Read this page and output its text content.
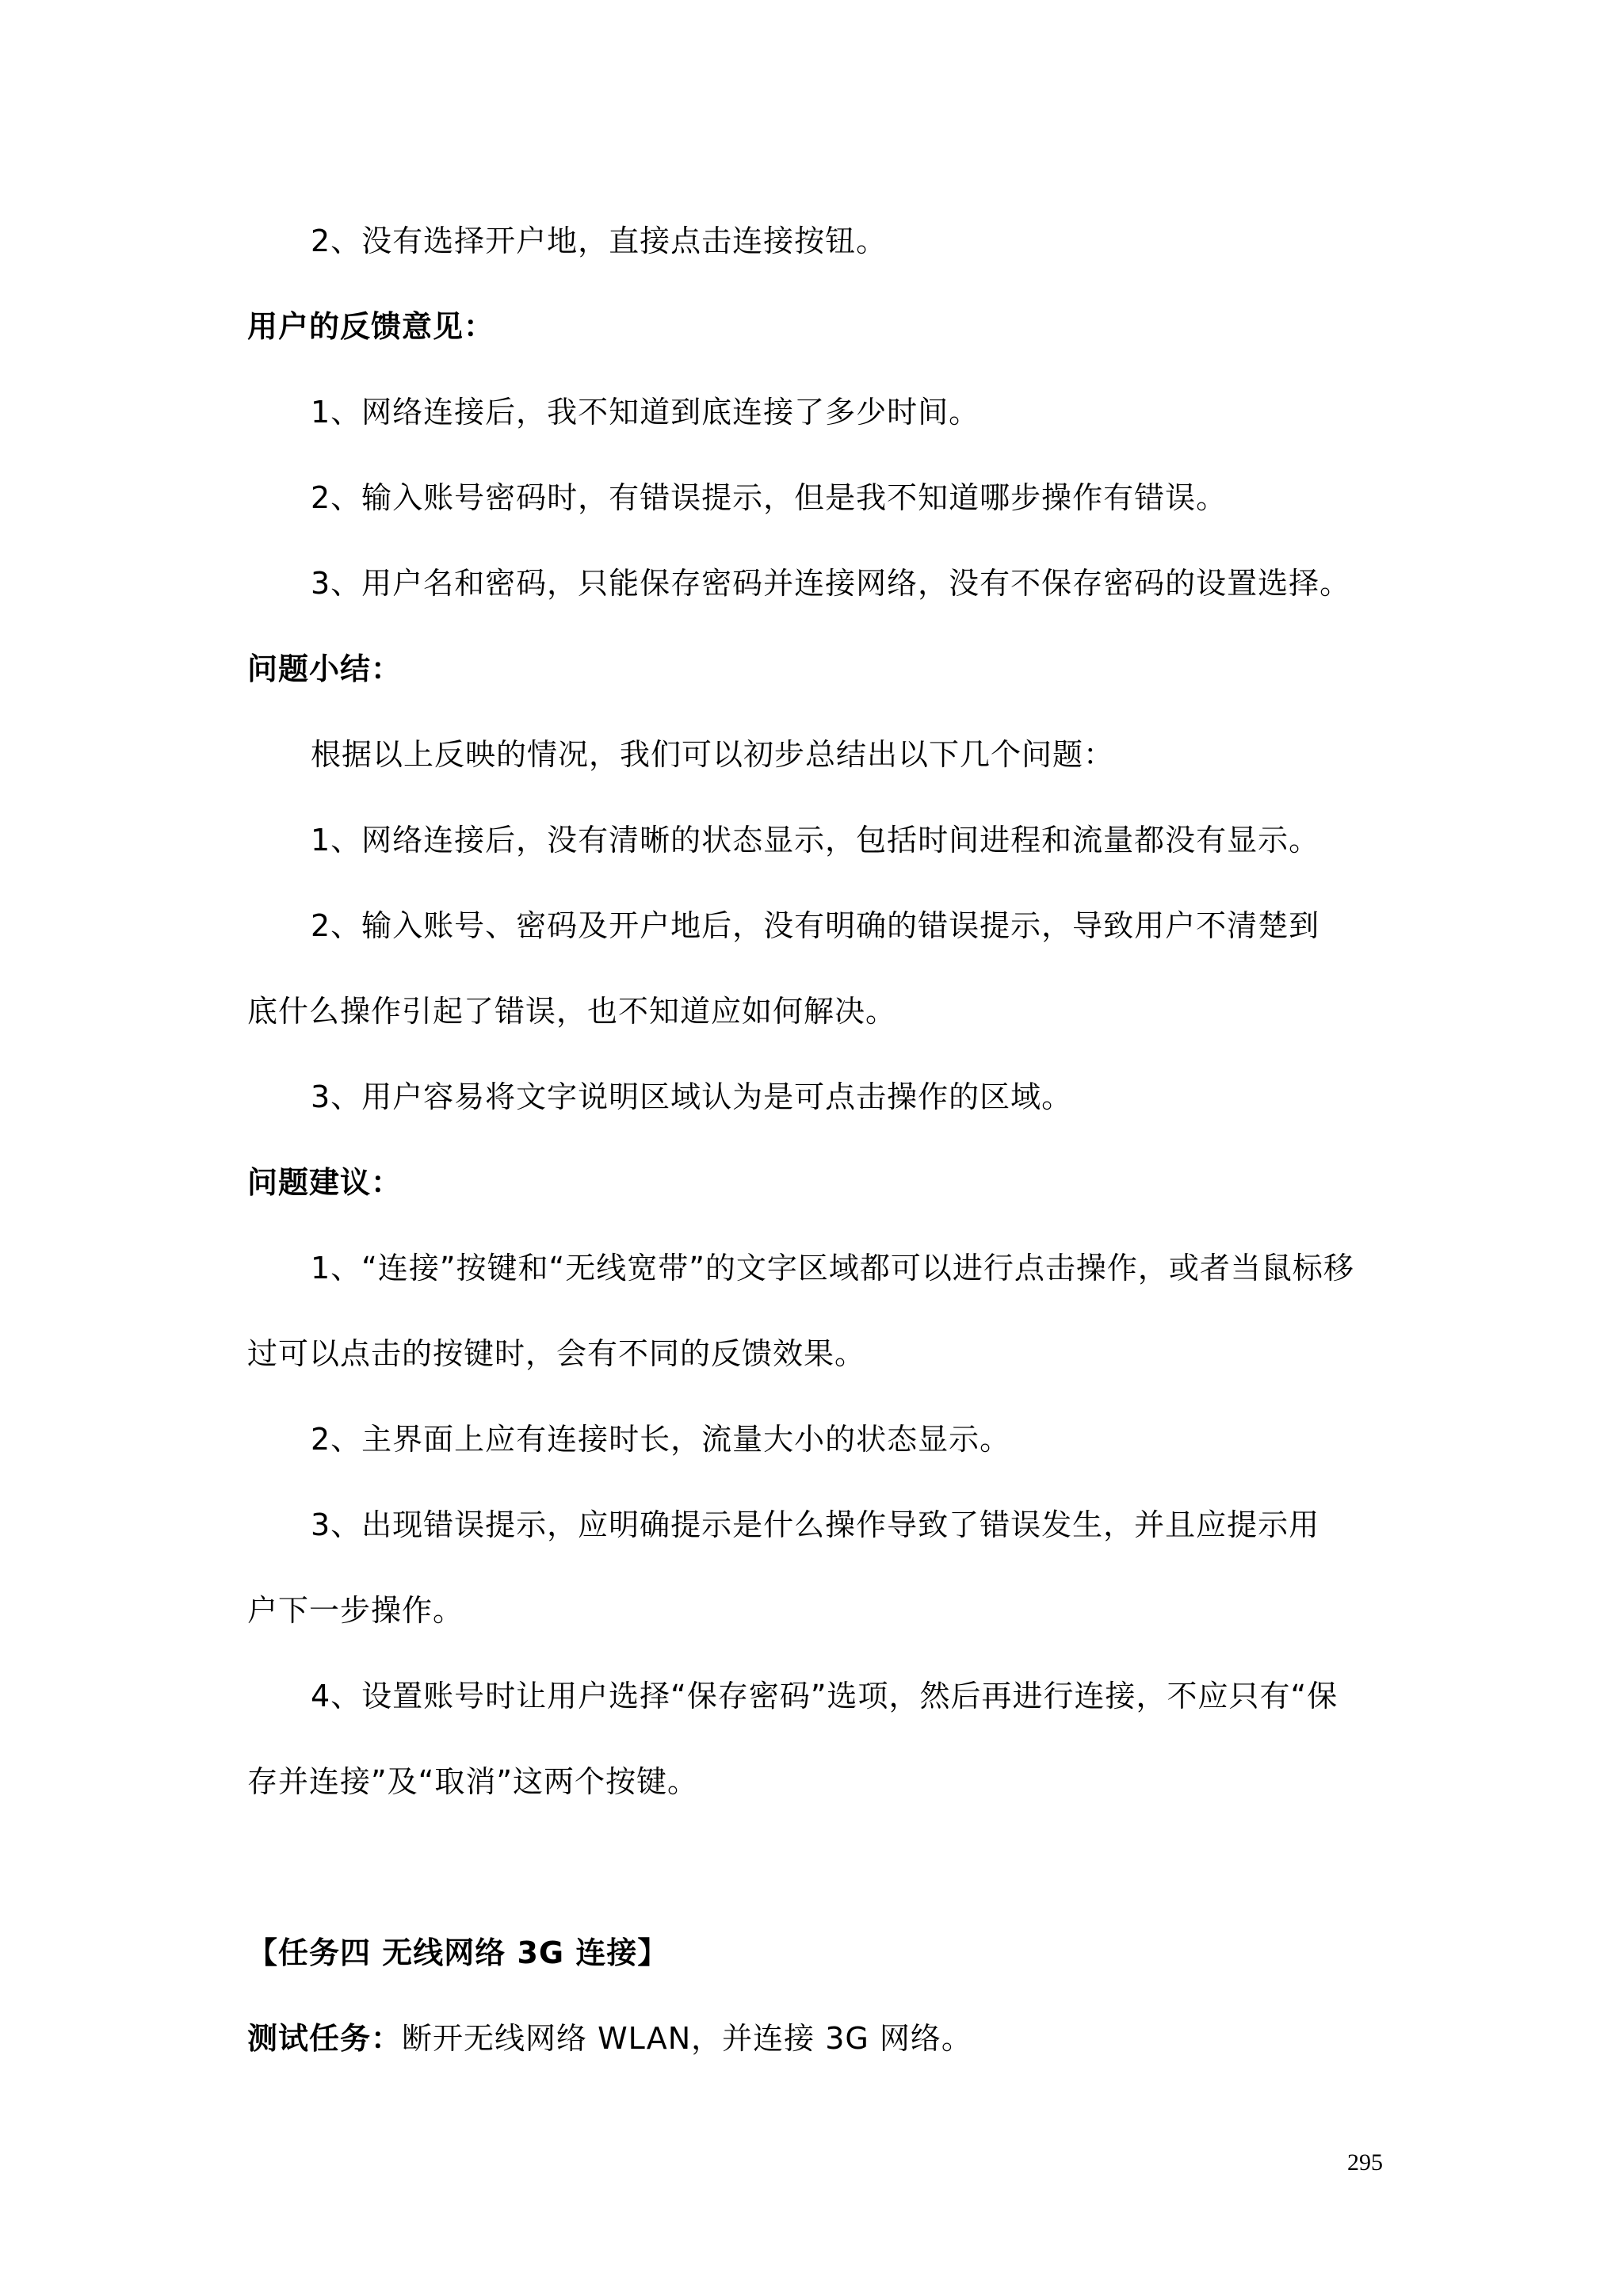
2、没有选择开户地，直接点击连接按钮。
用户的反馈意见：
1、网络连接后，我不知道到底连接了多少时间。
2、输入账号密码时，有错误提示，但是我不知道哪步操作有错误。
3、用户名和密码，只能保存密码并连接网络，没有不保存密码的设置选择。
问题小结：
根据以上反映的情况，我们可以初步总结出以下几个问题：
1、网络连接后，没有清晰的状态显示，包括时间进程和流量都没有显示。
2、输入账号、密码及开户地后，没有明确的错误提示，导致用户不清楚到
底什么操作引起了错误，也不知道应如何解决。
3、用户容易将文字说明区域认为是可点击操作的区域。
问题建议：
1、“连接”按键和“无线宽带”的文字区域都可以进行点击操作，或者当鼠标移
过可以点击的按键时，会有不同的反馈效果。
2、主界面上应有连接时长，流量大小的状态显示。
3、出现错误提示，应明确提示是什么操作导致了错误发生，并且应提示用
户下一步操作。
4、设置账号时让用户选择“保存密码”选项，然后再进行连接，不应只有“保
存并连接”及“取消”这两个按键。
【任务四 无线网络 3G 连接】
测试任务：断开无线网络 WLAN，并连接 3G 网络。
295
